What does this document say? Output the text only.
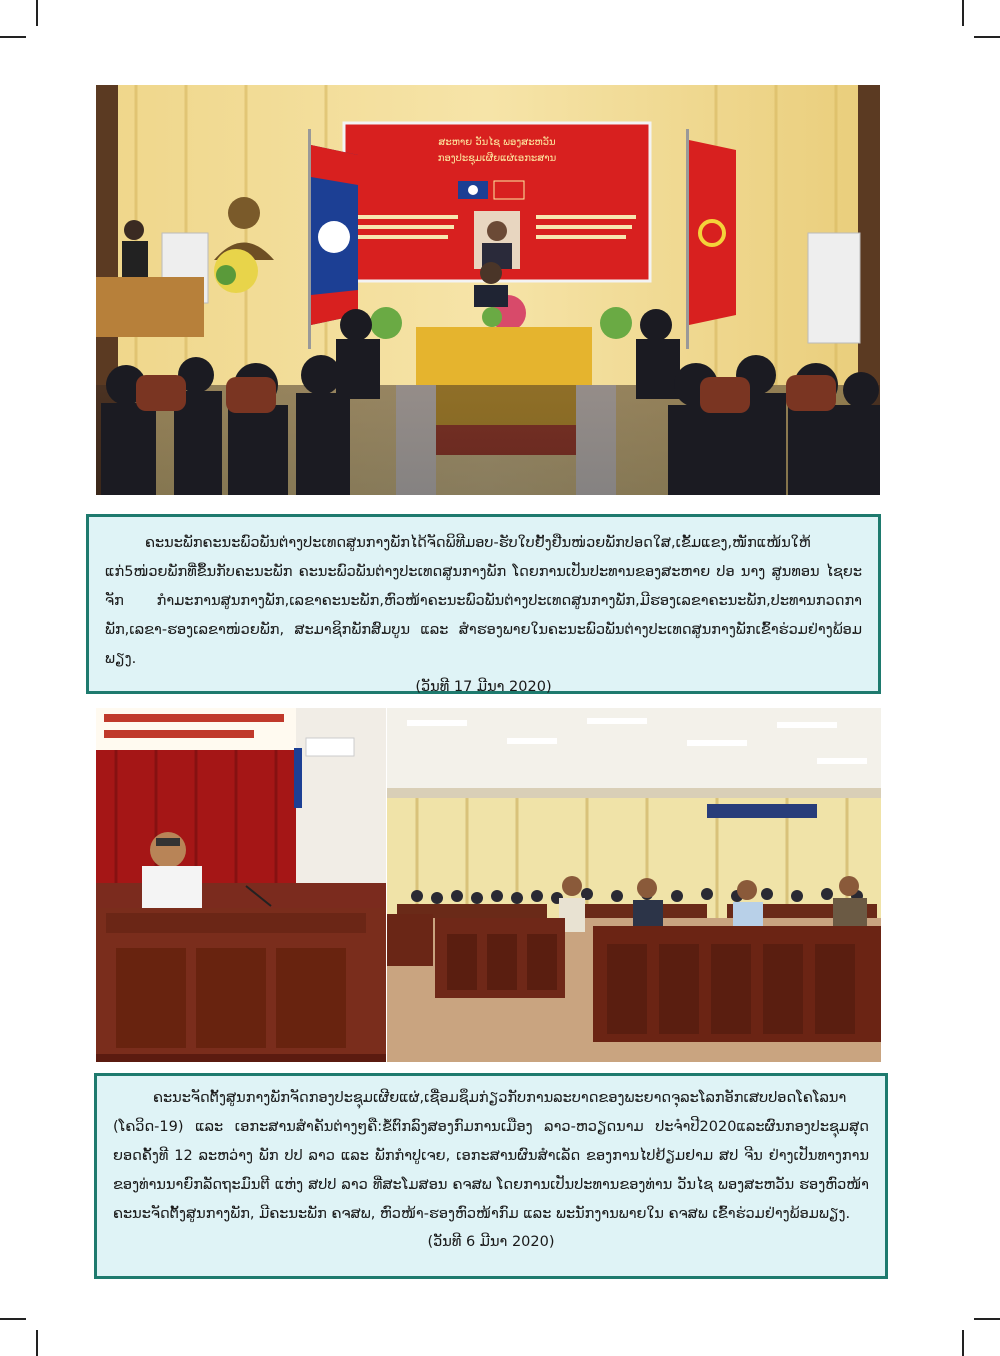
ສະຫາຍ ວັນໄຊ ພອງສະຫວັນ
ກອງປະຊຸມເຜີຍແຜ່ເອກະສານ
ຄະນະພັກຄະນະພົວພັນຕ່າງປະເທດສູນກາງພັກໄດ້ຈັດພິທີມອບ-ຮັບໃບຢັ້ງຢືນໜ່ວຍພັກປອດໃສ,ເຂັ້ມແຂງ,ໜັກແໜ້ນໃຫ້ແກ່5ໜ່ວຍພັກທີ່ຂຶ້ນກັບຄະນະພັກ ຄະນະພົວພັນຕ່າງປະເທດສູນກາງພັກ ໂດຍການເປັນປະທານຂອງສະຫາຍ ປອ ນາງ ສູນທອນ ໄຊຍະຈັກ ກຳມະການສູນກາງພັກ,ເລຂາຄະນະພັກ,ຫົວໜ້າຄະນະພົວພັນຕ່າງປະເທດສູນກາງພັກ,ມີຮອງເລຂາຄະນະພັກ,ປະທານກວດກາພັກ,ເລຂາ-ຮອງເລຂາໜ່ວຍພັກ, ສະມາຊິກພັກສົມບູນ ແລະ ສຳຮອງພາຍໃນຄະນະພົວພັນຕ່າງປະເທດສູນກາງພັກເຂົ້າຮ່ວມຢ່າງພ້ອມພຽງ.
(ວັນທີ 17 ມີນາ 2020)
ຄະນະຈັດຕັ້ງສູນກາງພັກຈັດກອງປະຊຸມເຜີຍແຜ່,ເຊື່ອມຊຶມກ່ຽວກັບການລະບາດຂອງພະຍາດຈຸລະໂລກອັກເສບປອດໂຄໂລນາ (ໂຄວິດ-19) ແລະ ເອກະສານສຳຄັນຕ່າງໆຄື:ຂໍ້ຕົກລົງສອງກົມການເມືອງ ລາວ-ຫວຽດນາມ ປະຈຳປີ2020ແລະຜົນກອງປະຊຸມສຸດຍອດຄັ້ງທີ 12 ລະຫວ່າງ ພັກ ປປ ລາວ ແລະ ພັກກຳປູເຈຍ, ເອກະສານຜົນສຳເລັດ ຂອງການໄປຢ້ຽມຢາມ ສປ ຈີນ ຢ່າງເປັນທາງການຂອງທ່ານນາຍົກລັດຖະມົນຕີ ແຫ່ງ ສປປ ລາວ ທີ່ສະໂມສອນ ຄຈສພ ໂດຍການເປັນປະທານຂອງທ່ານ ວັນໄຊ ພອງສະຫວັນ ຮອງຫົວໜ້າຄະນະຈັດຕັ້ງສູນກາງພັກ, ມີຄະນະພັກ ຄຈສພ, ຫົວໜ້າ-ຮອງຫົວໜ້າກົມ ແລະ ພະນັກງານພາຍໃນ ຄຈສພ ເຂົ້າຮ່ວມຢ່າງພ້ອມພຽງ.
(ວັນທີ 6 ມີນາ 2020)
